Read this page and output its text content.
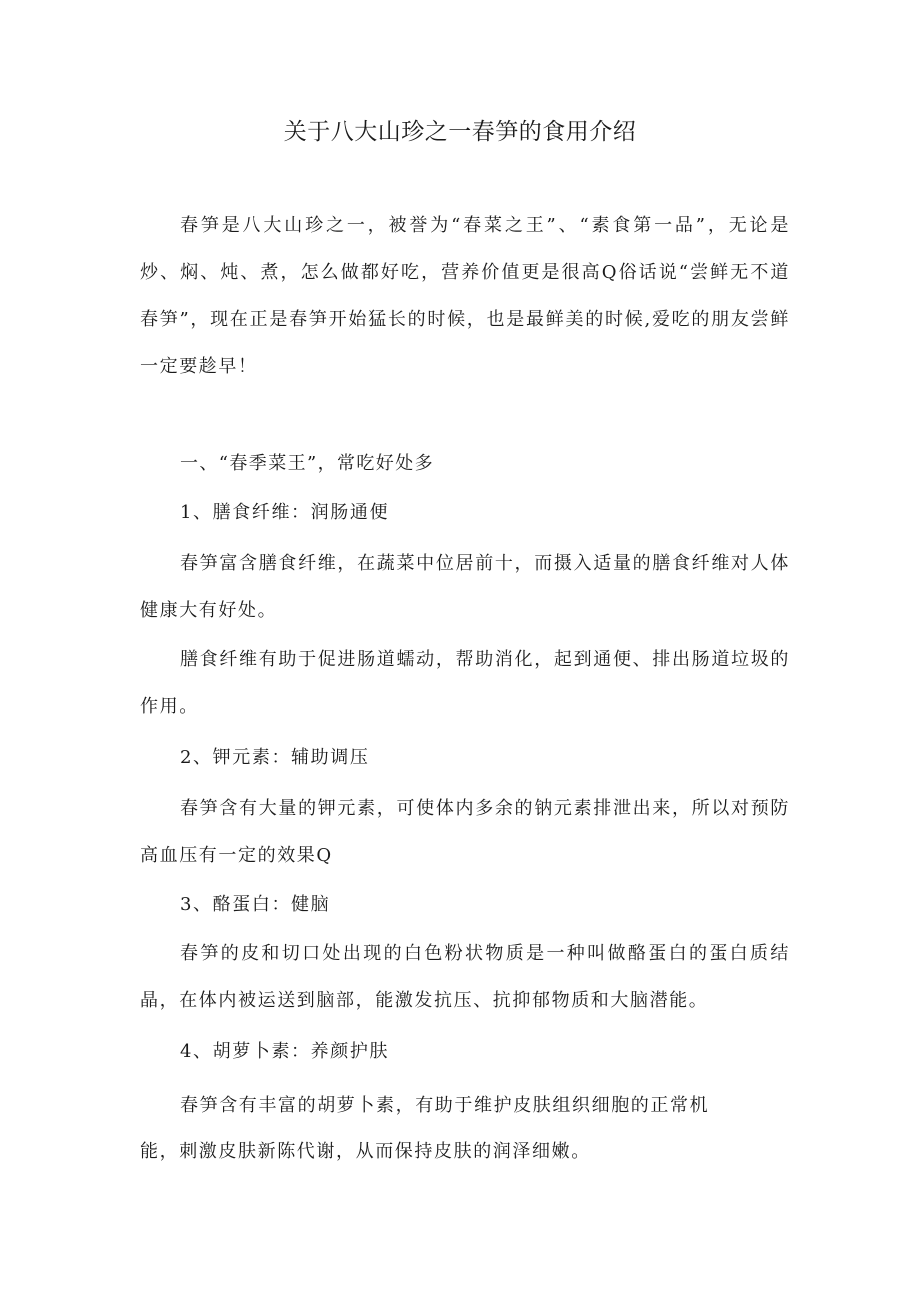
关于八大山珍之一春笋的食用介绍

春笋是八大山珍之一，被誉为“春菜之王”、“素食第一品”，无论是炒、焖、炖、煮，怎么做都好吃，营养价值更是很高Q俗话说“尝鲜无不道春笋”，现在正是春笋开始猛长的时候，也是最鲜美的时候,爱吃的朋友尝鲜一定要趁早！

一、“春季菜王”，常吃好处多

1、膳食纤维：润肠通便

春笋富含膳食纤维，在蔬菜中位居前十，而摄入适量的膳食纤维对人体健康大有好处。

膳食纤维有助于促进肠道蠕动，帮助消化，起到通便、排出肠道垃圾的作用。

2、钾元素：辅助调压

春笋含有大量的钾元素，可使体内多余的钠元素排泄出来，所以对预防高血压有一定的效果Q

3、酪蛋白：健脑

春笋的皮和切口处出现的白色粉状物质是一种叫做酪蛋白的蛋白质结晶，在体内被运送到脑部，能激发抗压、抗抑郁物质和大脑潜能。

4、胡萝卜素：养颜护肤

春笋含有丰富的胡萝卜素，有助于维护皮肤组织细胞的正常机

能，刺激皮肤新陈代谢，从而保持皮肤的润泽细嫩。
